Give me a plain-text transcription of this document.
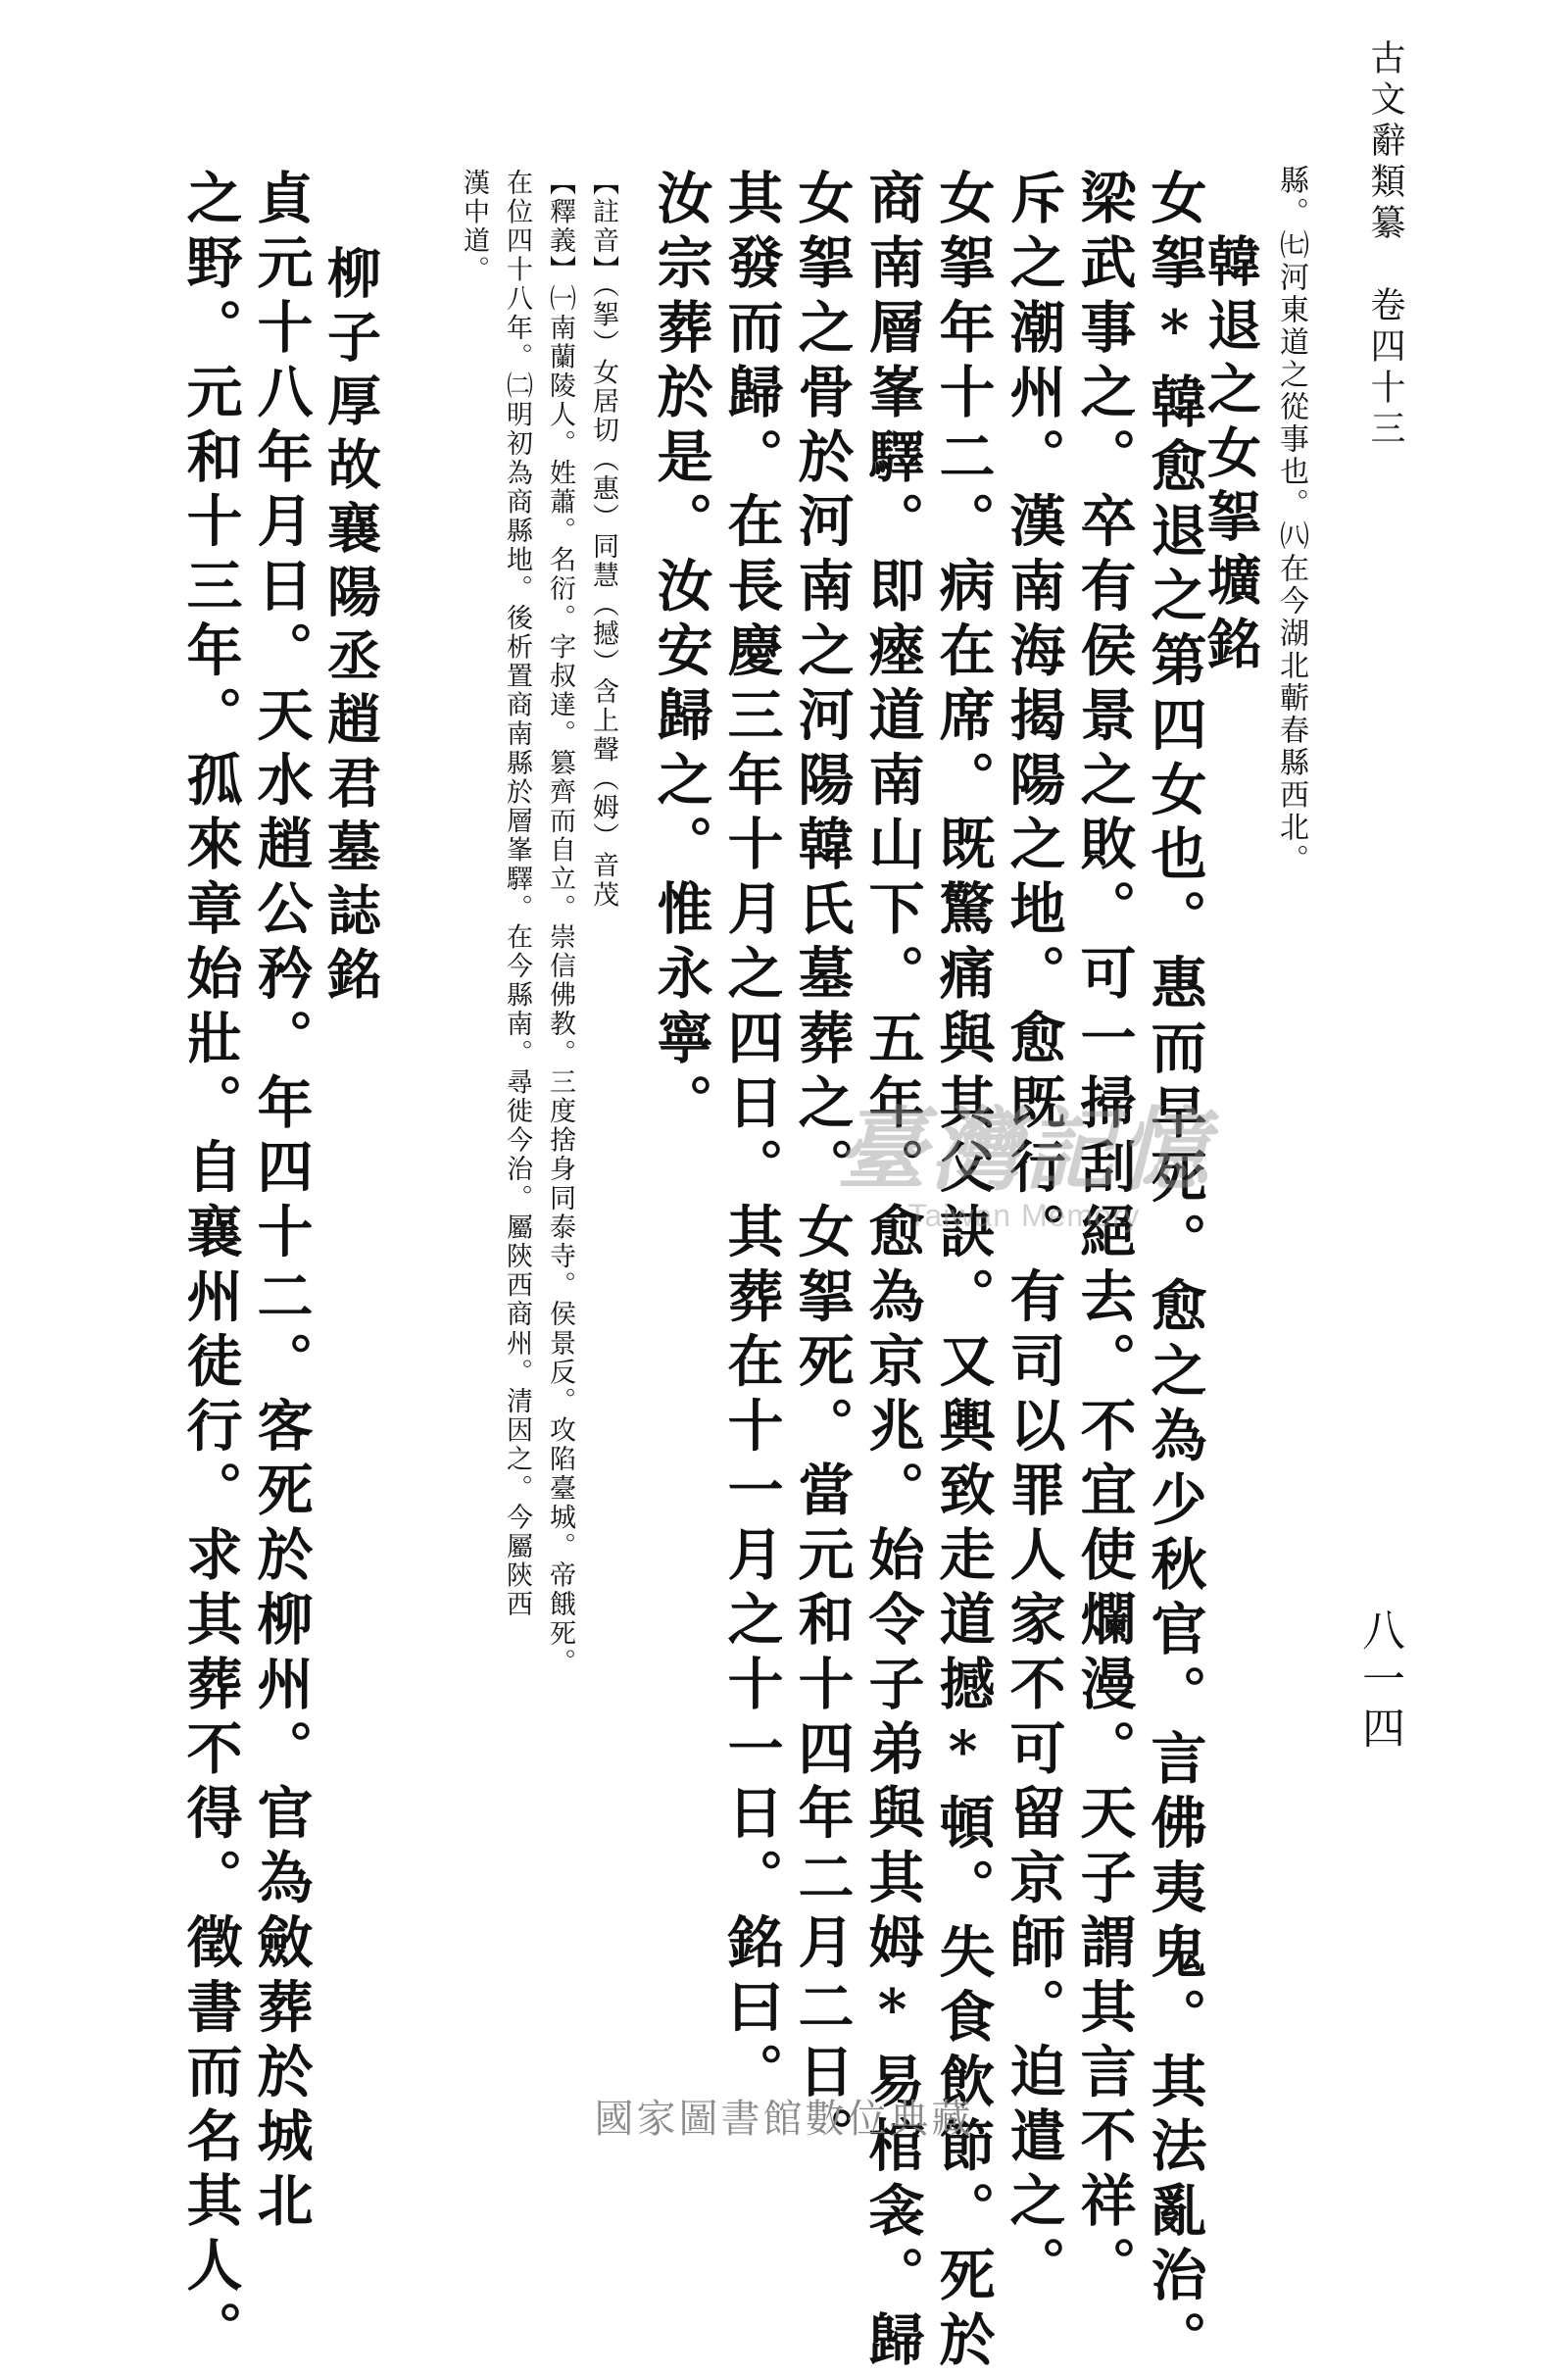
古文辭類纂　卷四十三
八一四
縣。㈦河東道之從事也。㈧在今湖北蘄春縣西北。
韓退之女挐壙銘
女挐*韓愈退之第四女也。惠而早死。愈之為少秋官。言佛夷鬼。其法亂治。
梁武事之。卒有侯景之敗。可一掃刮絕去。不宜使爛漫。天子謂其言不祥。
斥之潮州。漢南海揭陽之地。愈既行。有司以罪人家不可留京師。迫遣之。
女挐年十二。病在席。既驚痛與其父訣。又輿致走道撼*頓。失食飲節。死於
商南層峯驛。即瘞道南山下。五年。愈為京兆。始令子弟與其姆*易棺衾。歸
女挐之骨於河南之河陽韓氏墓葬之。女挐死。當元和十四年二月二日。
其發而歸。在長慶三年十月之四日。其葬在十一月之十一日。銘曰。
汝宗葬於是。汝安歸之。惟永寧。
【註音】（挐）女居切（惠）同慧（撼）含上聲（姆）音茂
【釋義】㈠南蘭陵人。姓蕭。名衍。字叔達。篡齊而自立。崇信佛教。三度捨身同泰寺。侯景反。攻陷臺城。帝餓死。
在位四十八年。㈡明初為商縣地。後析置商南縣於層峯驛。在今縣南。尋徙今治。屬陝西商州。清因之。今屬陝西
漢中道。
柳子厚故襄陽丞趙君墓誌銘
貞元十八年月日。天水趙公矜。年四十二。客死於柳州。官為斂葬於城北
之野。元和十三年。孤來章始壯。自襄州徒行。求其葬不得。徵書而名其人。	臺灣記憶
Taiwan Memory
國家圖書館數位典藏
